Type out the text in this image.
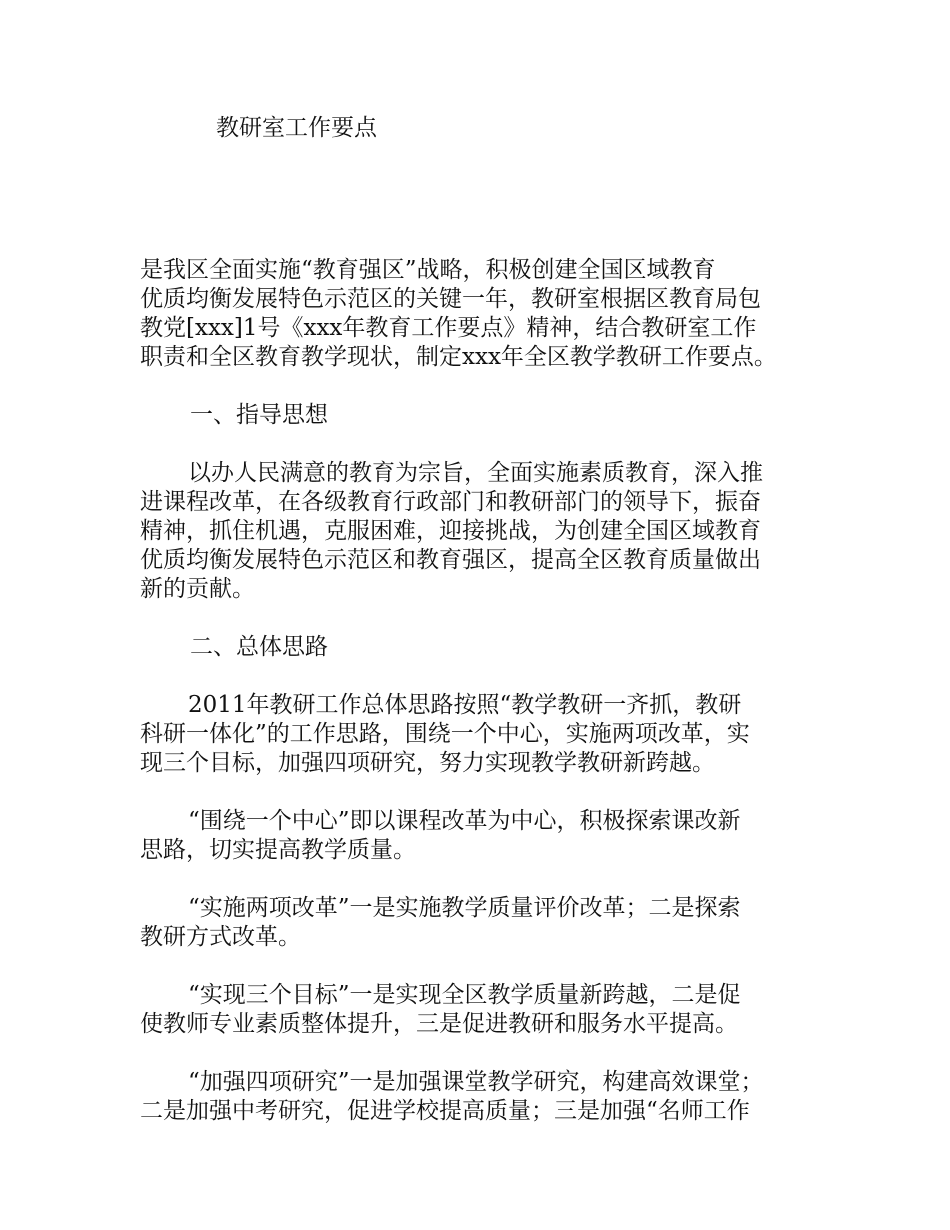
教研室工作要点
是我区全面实施“教育强区”战略，积极创建全国区域教育
优质均衡发展特色示范区的关键一年，教研室根据区教育局包
教党[xxx]1号《xxx年教育工作要点》精神，结合教研室工作
职责和全区教育教学现状，制定xxx年全区教学教研工作要点。
一、指导思想
以办人民满意的教育为宗旨，全面实施素质教育，深入推
进课程改革，在各级教育行政部门和教研部门的领导下，振奋
精神，抓住机遇，克服困难，迎接挑战，为创建全国区域教育
优质均衡发展特色示范区和教育强区，提高全区教育质量做出
新的贡献。
二、总体思路
2011年教研工作总体思路按照“教学教研一齐抓，教研
科研一体化”的工作思路，围绕一个中心，实施两项改革，实
现三个目标，加强四项研究，努力实现教学教研新跨越。
“围绕一个中心”即以课程改革为中心，积极探索课改新
思路，切实提高教学质量。
“实施两项改革”一是实施教学质量评价改革；二是探索
教研方式改革。
“实现三个目标”一是实现全区教学质量新跨越，二是促
使教师专业素质整体提升，三是促进教研和服务水平提高。
“加强四项研究”一是加强课堂教学研究，构建高效课堂；
二是加强中考研究，促进学校提高质量；三是加强“名师工作
